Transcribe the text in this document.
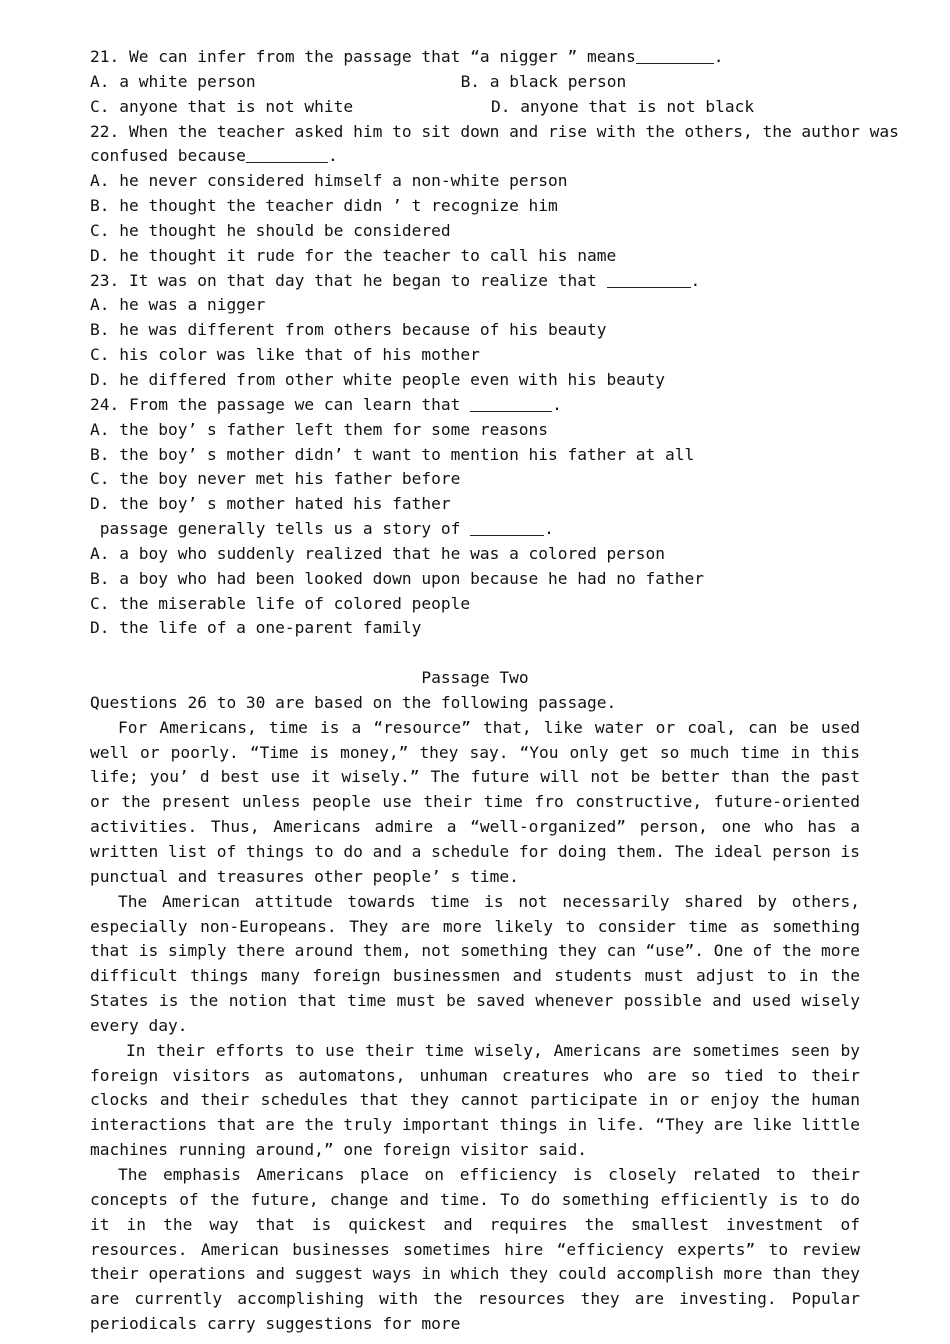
21. We can infer from the passage that “a nigger ” means	.
A. a white person	B. a black person
C. anyone that is not white	D. anyone that is not black
22. When the teacher asked him to sit down and rise with the others, the author was
confused because	.
A. he never considered himself a non-white person
B. he thought the teacher didn ’ t recognize him
C. he thought he should be considered
D. he thought it rude for the teacher to call his name
23. It was on that day that he began to realize that	.
A. he was a nigger
B. he was different from others because of his beauty
C. his color was like that of his mother
D. he differed from other white people even with his beauty
24. From the passage we can learn that	.
A. the boy’ s father left them for some reasons
B. the boy’ s mother didn’ t want to mention his father at all
C. the boy never met his father before
D. the boy’ s mother hated his father
passage generally tells us a story of	.
A. a boy who suddenly realized that he was a colored person
B. a boy who had been looked down upon because he had no father
C. the miserable life of colored people
D. the life of a one-parent family
Passage Two
Questions 26 to 30 are based on the following passage.
For Americans, time is a “resource” that, like water or coal, can be used well or poorly. “Time is money,” they say. “You only get so much time in this life; you’ d best use it wisely.” The future will not be better than the past or the present unless people use their time fro constructive, future-oriented activities. Thus, Americans admire a “well-organized” person, one who has a written list of things to do and a schedule for doing them. The ideal person is punctual and treasures other people’ s time.
The American attitude towards time is not necessarily shared by others, especially non-Europeans. They are more likely to consider time as something that is simply there around them, not something they can “use”. One of the more difficult things many foreign businessmen and students must adjust to in the States is the notion that time must be saved whenever possible and used wisely every day.
In their efforts to use their time wisely, Americans are sometimes seen by foreign visitors as automatons, unhuman creatures who are so tied to their clocks and their schedules that they cannot participate in or enjoy the human interactions that are the truly important things in life. “They are like little machines running around,” one foreign visitor said.
The emphasis Americans place on efficiency is closely related to their concepts of the future, change and time. To do something efficiently is to do it in the way that is quickest and requires the smallest investment of resources. American businesses sometimes hire “efficiency experts” to review their operations and suggest ways in which they could accomplish more than they are currently accomplishing with the resources they are investing. Popular periodicals carry suggestions for more
